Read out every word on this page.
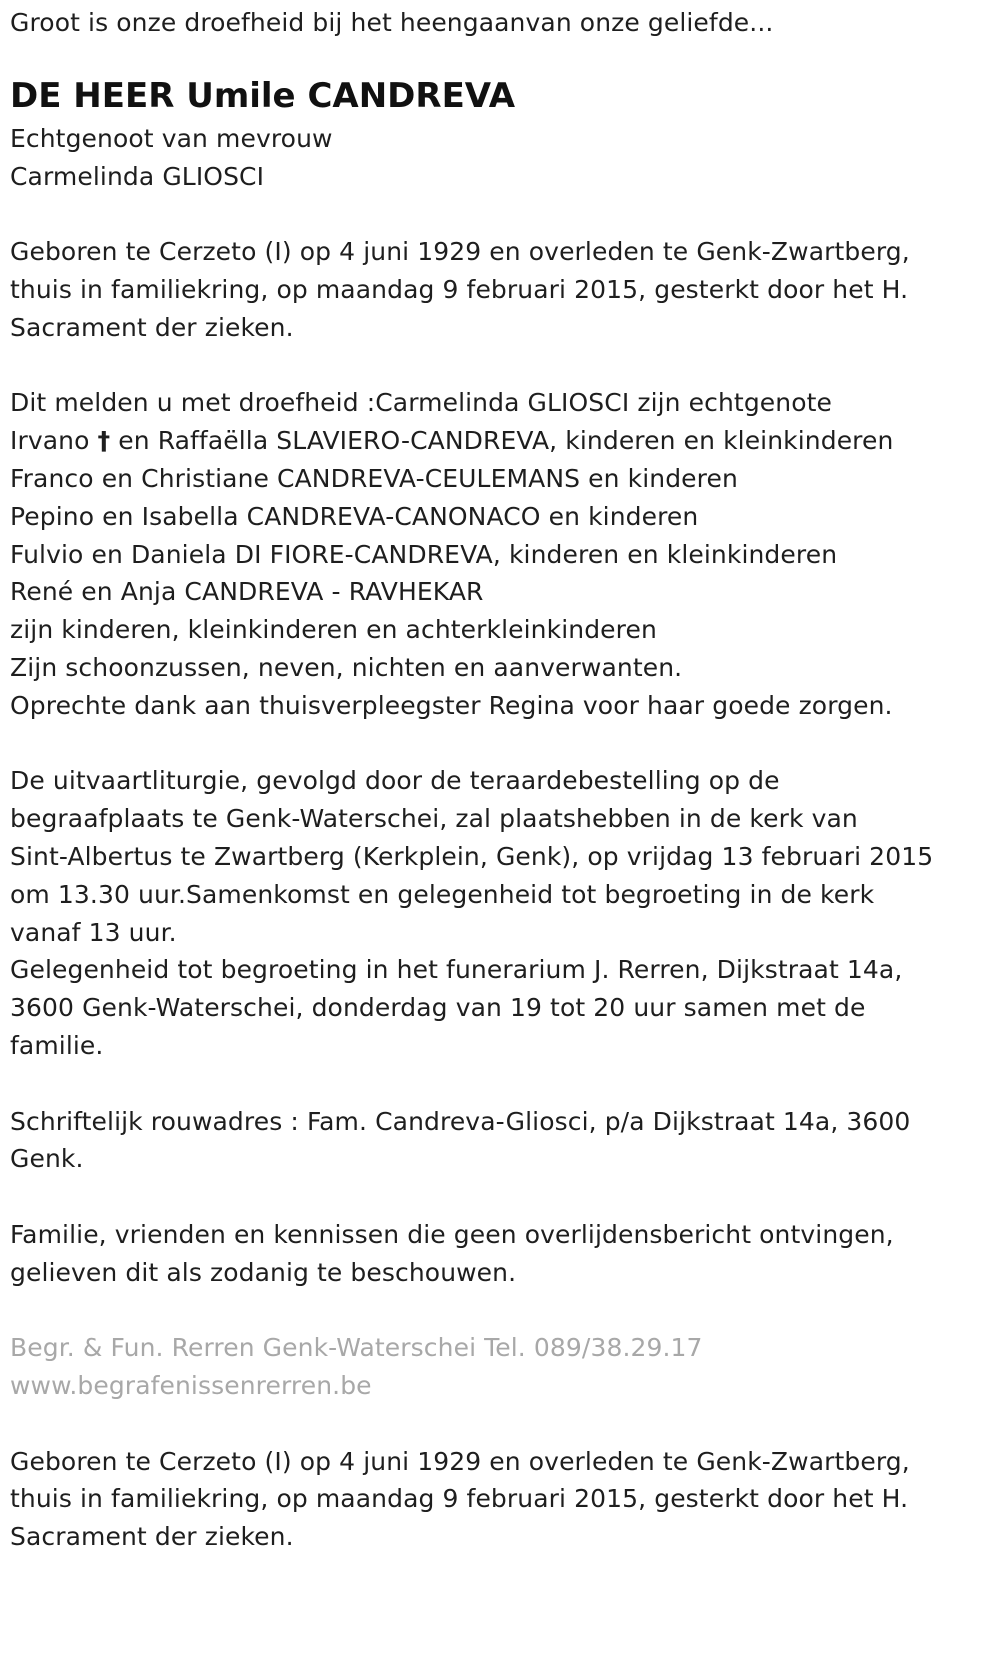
Groot is onze droefheid bij het heengaanvan onze geliefde...
DE HEER Umile CANDREVA
Echtgenoot van mevrouw
Carmelinda GLIOSCI
Geboren te Cerzeto (I) op 4 juni 1929 en overleden te Genk-Zwartberg,
thuis in familiekring, op maandag 9 februari 2015, gesterkt door het H.
Sacrament der zieken.
Dit melden u met droefheid :Carmelinda GLIOSCI zijn echtgenote
Irvano † en Raffaëlla SLAVIERO-CANDREVA, kinderen en kleinkinderen
Franco en Christiane CANDREVA-CEULEMANS en kinderen
Pepino en Isabella CANDREVA-CANONACO en kinderen
Fulvio en Daniela DI FIORE-CANDREVA, kinderen en kleinkinderen
René en Anja CANDREVA - RAVHEKAR
zijn kinderen, kleinkinderen en achterkleinkinderen
Zijn schoonzussen, neven, nichten en aanverwanten.
Oprechte dank aan thuisverpleegster Regina voor haar goede zorgen.
De uitvaartliturgie, gevolgd door de teraardebestelling op de
begraafplaats te Genk-Waterschei, zal plaatshebben in de kerk van
Sint-Albertus te Zwartberg (Kerkplein, Genk), op vrijdag 13 februari 2015
om 13.30 uur.Samenkomst en gelegenheid tot begroeting in de kerk
vanaf 13 uur.
Gelegenheid tot begroeting in het funerarium J. Rerren, Dijkstraat 14a,
3600 Genk-Waterschei, donderdag van 19 tot 20 uur samen met de
familie.
Schriftelijk rouwadres : Fam. Candreva-Gliosci, p/a Dijkstraat 14a, 3600
Genk.
Familie, vrienden en kennissen die geen overlijdensbericht ontvingen,
gelieven dit als zodanig te beschouwen.
Begr. & Fun. Rerren Genk-Waterschei Tel. 089/38.29.17
www.begrafenissenrerren.be
Geboren te Cerzeto (I) op 4 juni 1929 en overleden te Genk-Zwartberg,
thuis in familiekring, op maandag 9 februari 2015, gesterkt door het H.
Sacrament der zieken.
